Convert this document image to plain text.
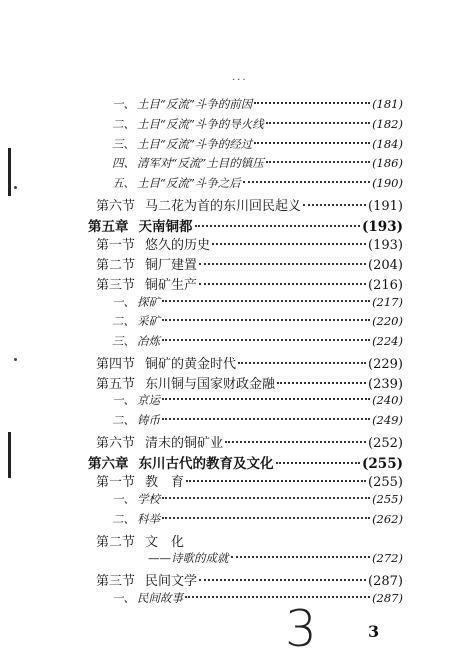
...
一、 土目“反流”斗争的前因	(181)
二、 土目“反流”斗争的导火线	(182)
三、 土目“反流”斗争的经过	(184)
四、 清军对“反流”土目的镇压	(186)
五、 土目“反流”斗争之后	(190)
第六节 马二花为首的东川回民起义	(191)
第五章 天南铜都	(193)
第一节 悠久的历史	(193)
第二节 铜厂建置	(204)
第三节 铜矿生产	(216)
一、 探矿	(217)
二、 采矿	(220)
三、 冶炼	(224)
第四节 铜矿的黄金时代	(229)
第五节 东川铜与国家财政金融	(239)
一、 京运	(240)
二、 铸币	(249)
第六节 清末的铜矿业	(252)
第六章 东川古代的教育及文化	(255)
第一节 教　育	(255)
一、 学校	(255)
二、 科举	(262)
第二节 文　化
——诗歌的成就	(272)
第三节 民间文学	(287)
一、 民间故事	(287)
3	3
